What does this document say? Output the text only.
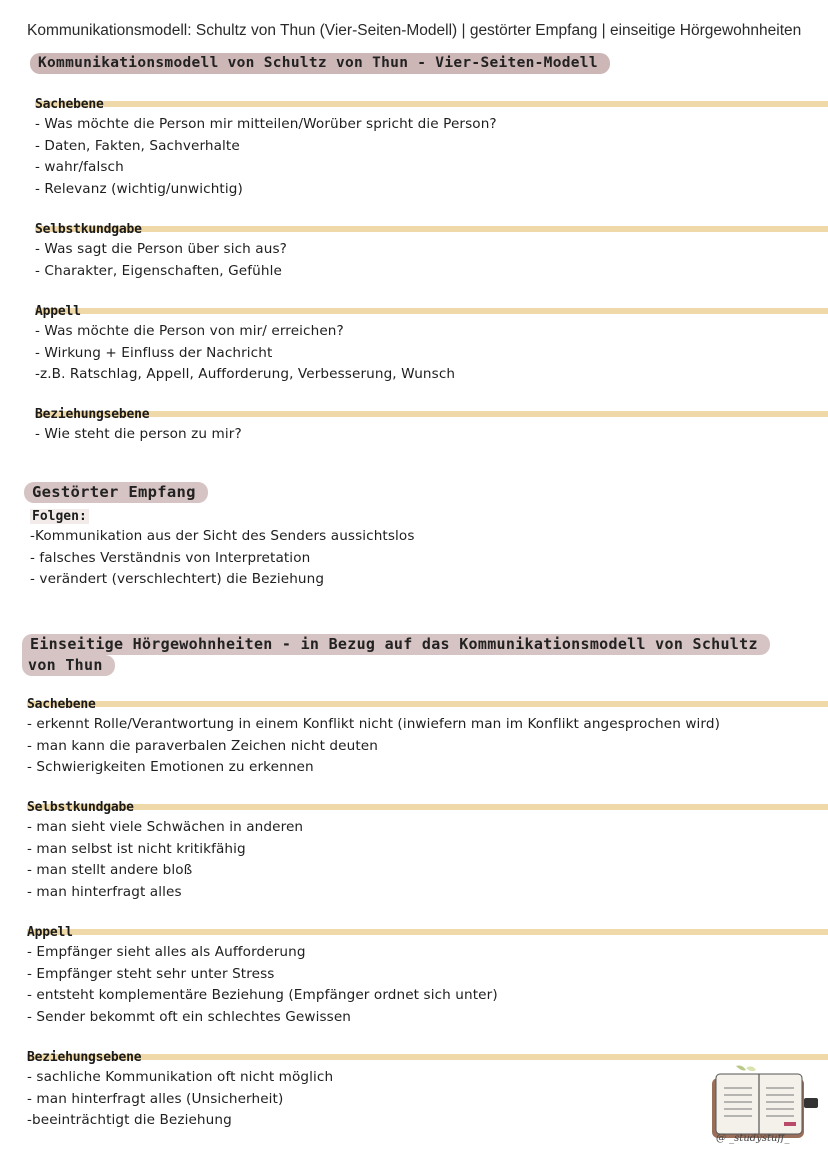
Kommunikationsmodell: Schultz von Thun (Vier-Seiten-Modell) | gestörter Empfang | einseitige Hörgewohnheiten
Kommunikationsmodell von Schultz von Thun - Vier-Seiten-Modell
Sachebene
- Was möchte die Person mir mitteilen/Worüber spricht die Person?
- Daten, Fakten, Sachverhalte
- wahr/falsch
- Relevanz (wichtig/unwichtig)
Selbstkundgabe
- Was sagt die Person über sich aus?
- Charakter, Eigenschaften, Gefühle
Appell
- Was möchte die Person von mir/ erreichen?
- Wirkung + Einfluss der Nachricht
-z.B. Ratschlag, Appell, Aufforderung, Verbesserung, Wunsch
Beziehungsebene
- Wie steht die person zu mir?
Gestörter Empfang
Folgen:
-Kommunikation aus der Sicht des Senders aussichtslos
- falsches Verständnis von Interpretation
- verändert (verschlechtert) die Beziehung
Einseitige Hörgewohnheiten - in Bezug auf das Kommunikationsmodell von Schultz
von Thun
Sachebene
- erkennt Rolle/Verantwortung in einem Konflikt nicht (inwiefern man im Konflikt angesprochen wird)
- man kann die paraverbalen Zeichen nicht deuten
- Schwierigkeiten Emotionen zu erkennen
Selbstkundgabe
- man sieht viele Schwächen in anderen
- man selbst ist nicht kritikfähig
- man stellt andere bloß
- man hinterfragt alles
Appell
- Empfänger sieht alles als Aufforderung
- Empfänger steht sehr unter Stress
- entsteht komplementäre Beziehung (Empfänger ordnet sich unter)
- Sender bekommt oft ein schlechtes Gewissen
Beziehungsebene
- sachliche Kommunikation oft nicht möglich
- man hinterfragt alles (Unsicherheit)
-beeinträchtigt die Beziehung
@ _studystuff_
